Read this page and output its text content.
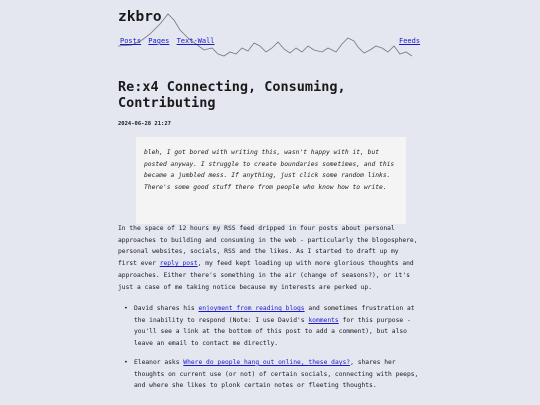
zkbro
Posts Pages Text-Wall	Feeds
Re:x4 Connecting, Consuming, Contributing
2024-06-28 21:27
bleh, I got bored with writing this, wasn't happy with it, but posted anyway. I struggle to create boundaries sometimes, and this became a jumbled mess. If anything, just click some random links. There's some good stuff there from people who know how to write.

In the space of 12 hours my RSS feed dripped in four posts about personal approaches to building and consuming in the web - particularly the blogosphere, personal websites, socials, RSS and the likes. As I started to draft up my first ever reply post, my feed kept loading up with more glorious thoughts and approaches. Either there's something in the air (change of seasons?), or it's just a case of me taking notice because my interests are perked up.

• David shares his enjoyment from reading blogs and sometimes frustration at the inability to respond (Note: I use David's komments for this purpose - you'll see a link at the bottom of this post to add a comment), but also leave an email to contact me directly.
• Eleanor asks Where do people hang out online, these days?, shares her thoughts on current use (or not) of certain socials, connecting with peeps, and where she likes to plonk certain notes or fleeting thoughts.
